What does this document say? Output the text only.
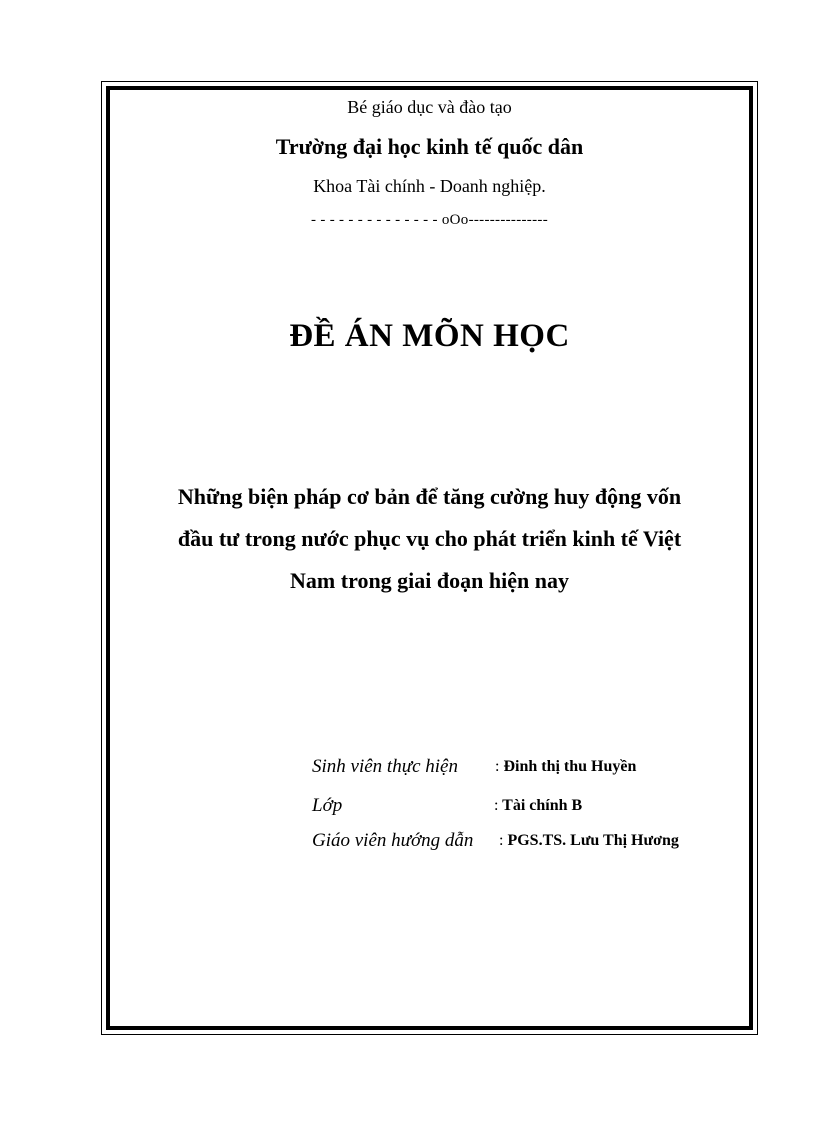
Bé giáo dục và đào tạo
Trường đại học kinh tế quốc dân
Khoa Tài chính - Doanh nghiệp.
- - - - - - - - - - - - - - oOo---------------
ĐỀ ÁN MÕN HỌC
Những biện pháp cơ bản để tăng cường huy động vốn
đầu tư trong nước phục vụ cho phát triển kinh tế Việt
Nam trong giai đoạn hiện nay
Sinh viên thực hiện : Đinh thị thu Huyền
Lớp	: Tài chính B
Giáo viên hướng dẫn : PGS.TS. Lưu Thị Hương
